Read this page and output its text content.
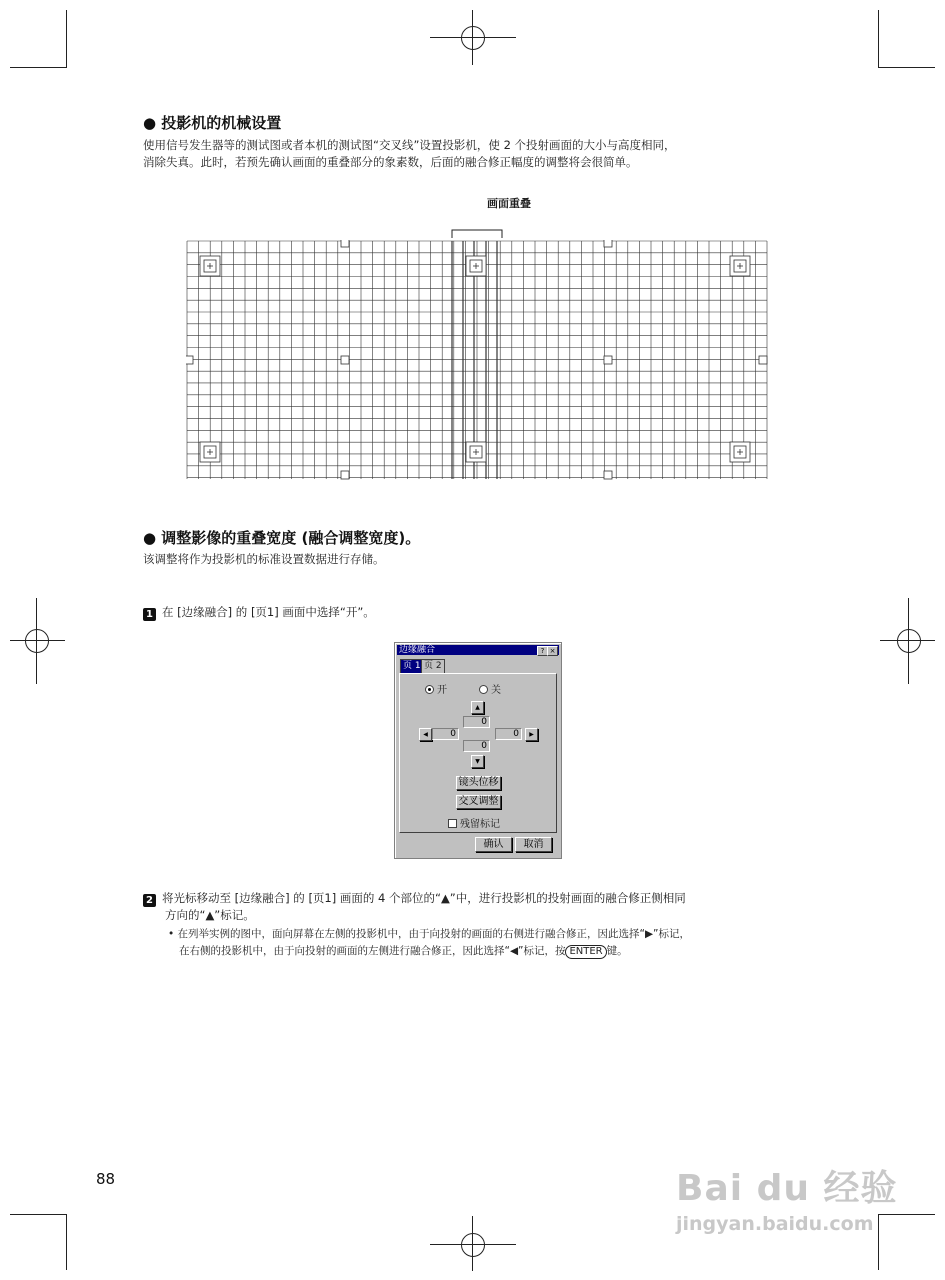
● 投影机的机械设置
使用信号发生器等的测试图或者本机的测试图“交叉线”设置投影机，使 2 个投射画面的大小与高度相同，
消除失真。此时，若预先确认画面的重叠部分的象素数，后面的融合修正幅度的调整将会很简单。
画面重叠
● 调整影像的重叠宽度 (融合调整宽度)。
该调整将作为投影机的标准设置数据进行存储。
1 在 [边缘融合] 的 [页1] 画面中选择“开”。
边缘融合	? ×
页 1 页 2
开	关
▲
0
◀	0	0	▶
0
▼
镜头位移
交叉调整
残留标记
确认	取消
2 将光标移动至 [边缘融合] 的 [页1] 画面的 4 个部位的“▲”中，进行投影机的投射画面的融合修正侧相同
方向的“▲”标记。
• 在列举实例的图中，面向屏幕在左侧的投影机中，由于向投射的画面的右侧进行融合修正，因此选择“▶”标记，
在右侧的投影机中，由于向投射的画面的左侧进行融合修正，因此选择“◀”标记，按 ENTER 键。
88	Bai du 经验
jingyan.baidu.com
